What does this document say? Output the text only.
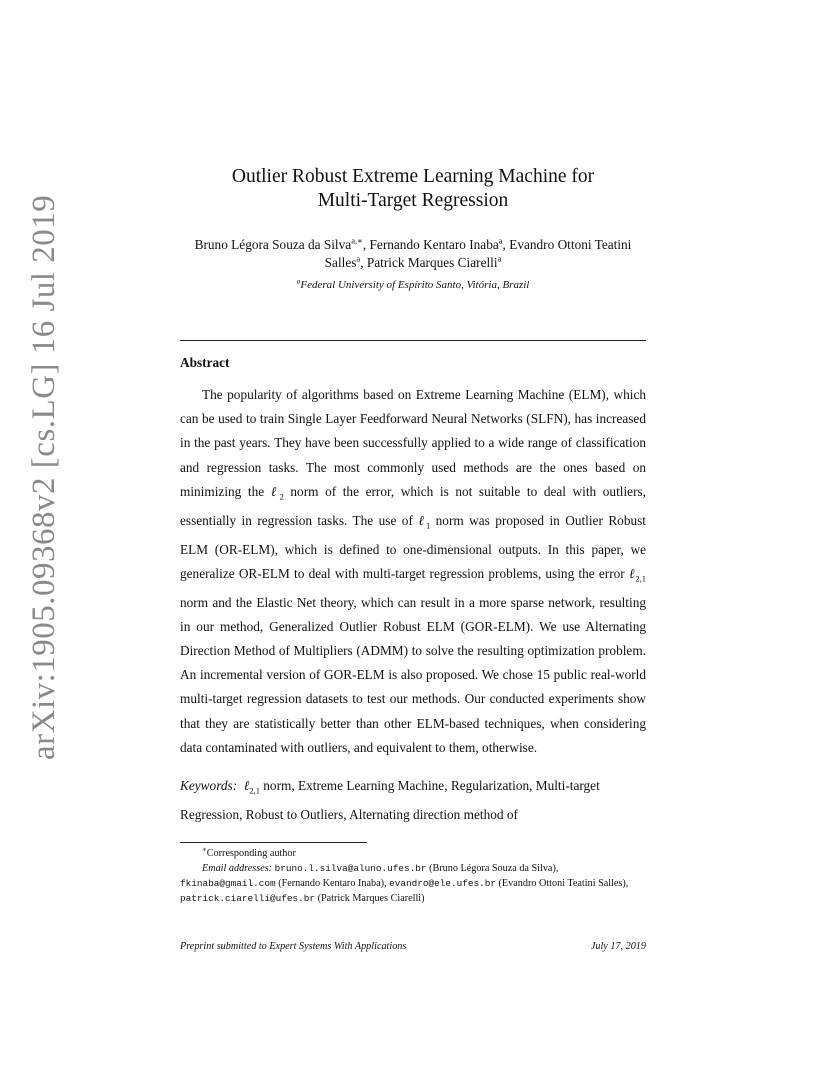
arXiv:1905.09368v2 [cs.LG] 16 Jul 2019
Outlier Robust Extreme Learning Machine for
Multi-Target Regression
Bruno Légora Souza da Silva$^{a,∗}$, Fernando Kentaro Inaba$^a$, Evandro Ottoni Teatini Salles$^a$, Patrick Marques Ciarelli$^a$
$^a$Federal University of Espírito Santo, Vitória, Brazil
Abstract
The popularity of algorithms based on Extreme Learning Machine (ELM), which can be used to train Single Layer Feedforward Neural Networks (SLFN), has increased in the past years. They have been successfully applied to a wide range of classification and regression tasks. The most commonly used methods are the ones based on minimizing the ℓ$_2$ norm of the error, which is not suitable to deal with outliers, essentially in regression tasks. The use of ℓ$_1$ norm was proposed in Outlier Robust ELM (OR-ELM), which is defined to one-dimensional outputs. In this paper, we generalize OR-ELM to deal with multi-target regression problems, using the error ℓ$_{2,1}$ norm and the Elastic Net theory, which can result in a more sparse network, resulting in our method, Generalized Outlier Robust ELM (GOR-ELM). We use Alternating Direction Method of Multipliers (ADMM) to solve the resulting optimization problem. An incremental version of GOR-ELM is also proposed. We chose 15 public real-world multi-target regression datasets to test our methods. Our conducted experiments show that they are statistically better than other ELM-based techniques, when considering data contaminated with outliers, and equivalent to them, otherwise.
Keywords: ℓ$_{2,1}$ norm, Extreme Learning Machine, Regularization, Multi-target Regression, Robust to Outliers, Alternating direction method of
∗Corresponding author
Email addresses: bruno.l.silva@aluno.ufes.br (Bruno Légora Souza da Silva),
fkinaba@gmail.com (Fernando Kentaro Inaba), evandro@ele.ufes.br (Evandro Ottoni Teatini Salles), patrick.ciarelli@ufes.br (Patrick Marques Ciarelli)
Preprint submitted to Expert Systems With Applications	July 17, 2019
